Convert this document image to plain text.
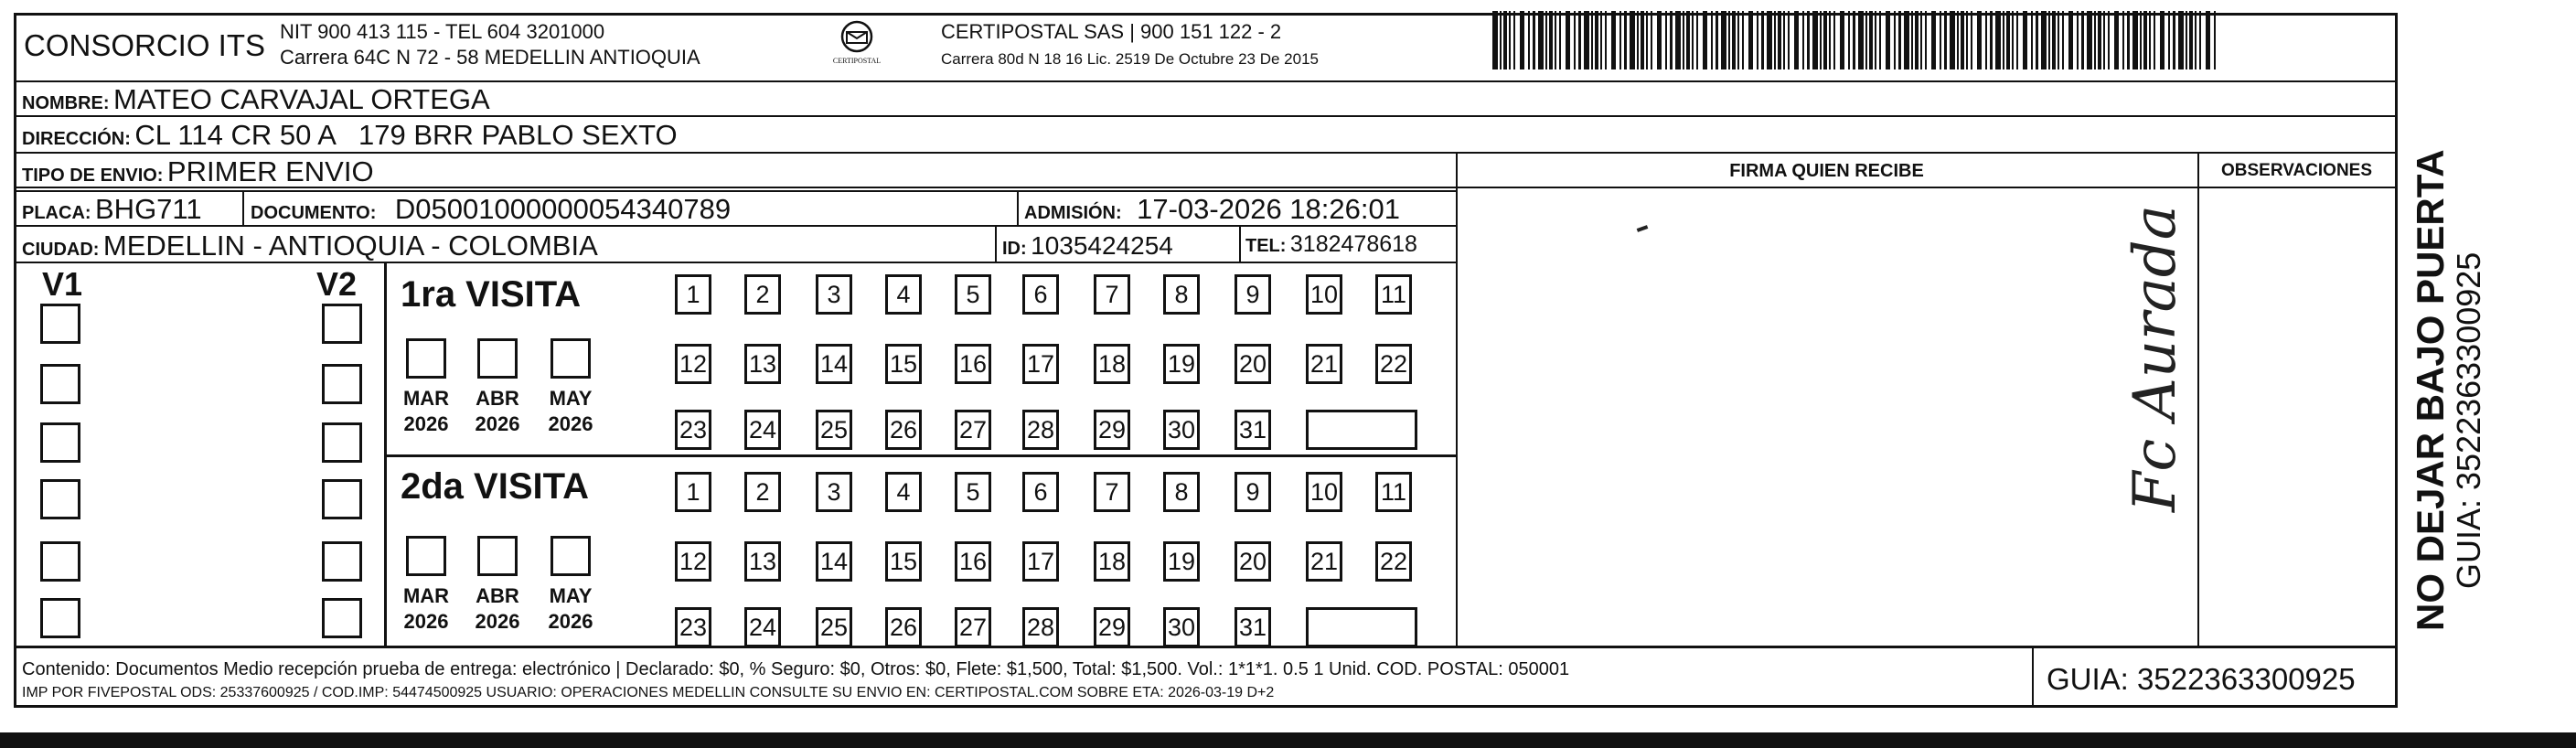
CONSORCIO ITS NIT 900 413 115 - TEL 604 3201000
Carrera 64C N 72 - 58 MEDELLIN ANTIOQUIA	CERTIPOSTAL
CERTIPOSTAL SAS | 900 151 122 - 2
Carrera 80d N 18 16 Lic. 2519 De Octubre 23 De 2015
NOMBRE: MATEO CARVAJAL ORTEGA
DIRECCIÓN: CL 114 CR 50 A   179 BRR PABLO SEXTO
TIPO DE ENVIO: PRIMER ENVIO
PLACA: BHG711	DOCUMENTO: D05001000000054340789	ADMISIÓN: 17-03-2026 18:26:01
CIUDAD: MEDELLIN - ANTIOQUIA - COLOMBIA	ID: 1035424254	TEL: 3182478618
FIRMA QUIEN RECIBE	OBSERVACIONES
V1	V2 1ra VISITA
2da VISITA
MAR
2026
ABR
2026
MAY
2026
1	2	3	4	5	6	7	8	9	10 11
12 13 14 15 16 17 18 19 20 21 22
23 24 25 26 27 28 29 30 31
MAR
2026
ABR
2026
MAY
2026
1	2	3	4	5	6	7	8	9	10 11
12 13 14 15 16 17 18 19 20 21 22
23 24 25 26 27 28 29 30 31
Fc Aurada
Contenido: Documentos Medio recepción prueba de entrega: electrónico | Declarado: $0, % Seguro: $0, Otros: $0, Flete: $1,500, Total: $1,500. Vol.: 1*1*1. 0.5 1 Unid. COD. POSTAL: 050001
IMP POR FIVEPOSTAL ODS: 25337600925 / COD.IMP: 54474500925 USUARIO: OPERACIONES MEDELLIN CONSULTE SU ENVIO EN: CERTIPOSTAL.COM SOBRE ETA: 2026-03-19 D+2	GUIA: 3522363300925
NO DEJAR BAJO PUERTA
GUIA: 3522363300925
